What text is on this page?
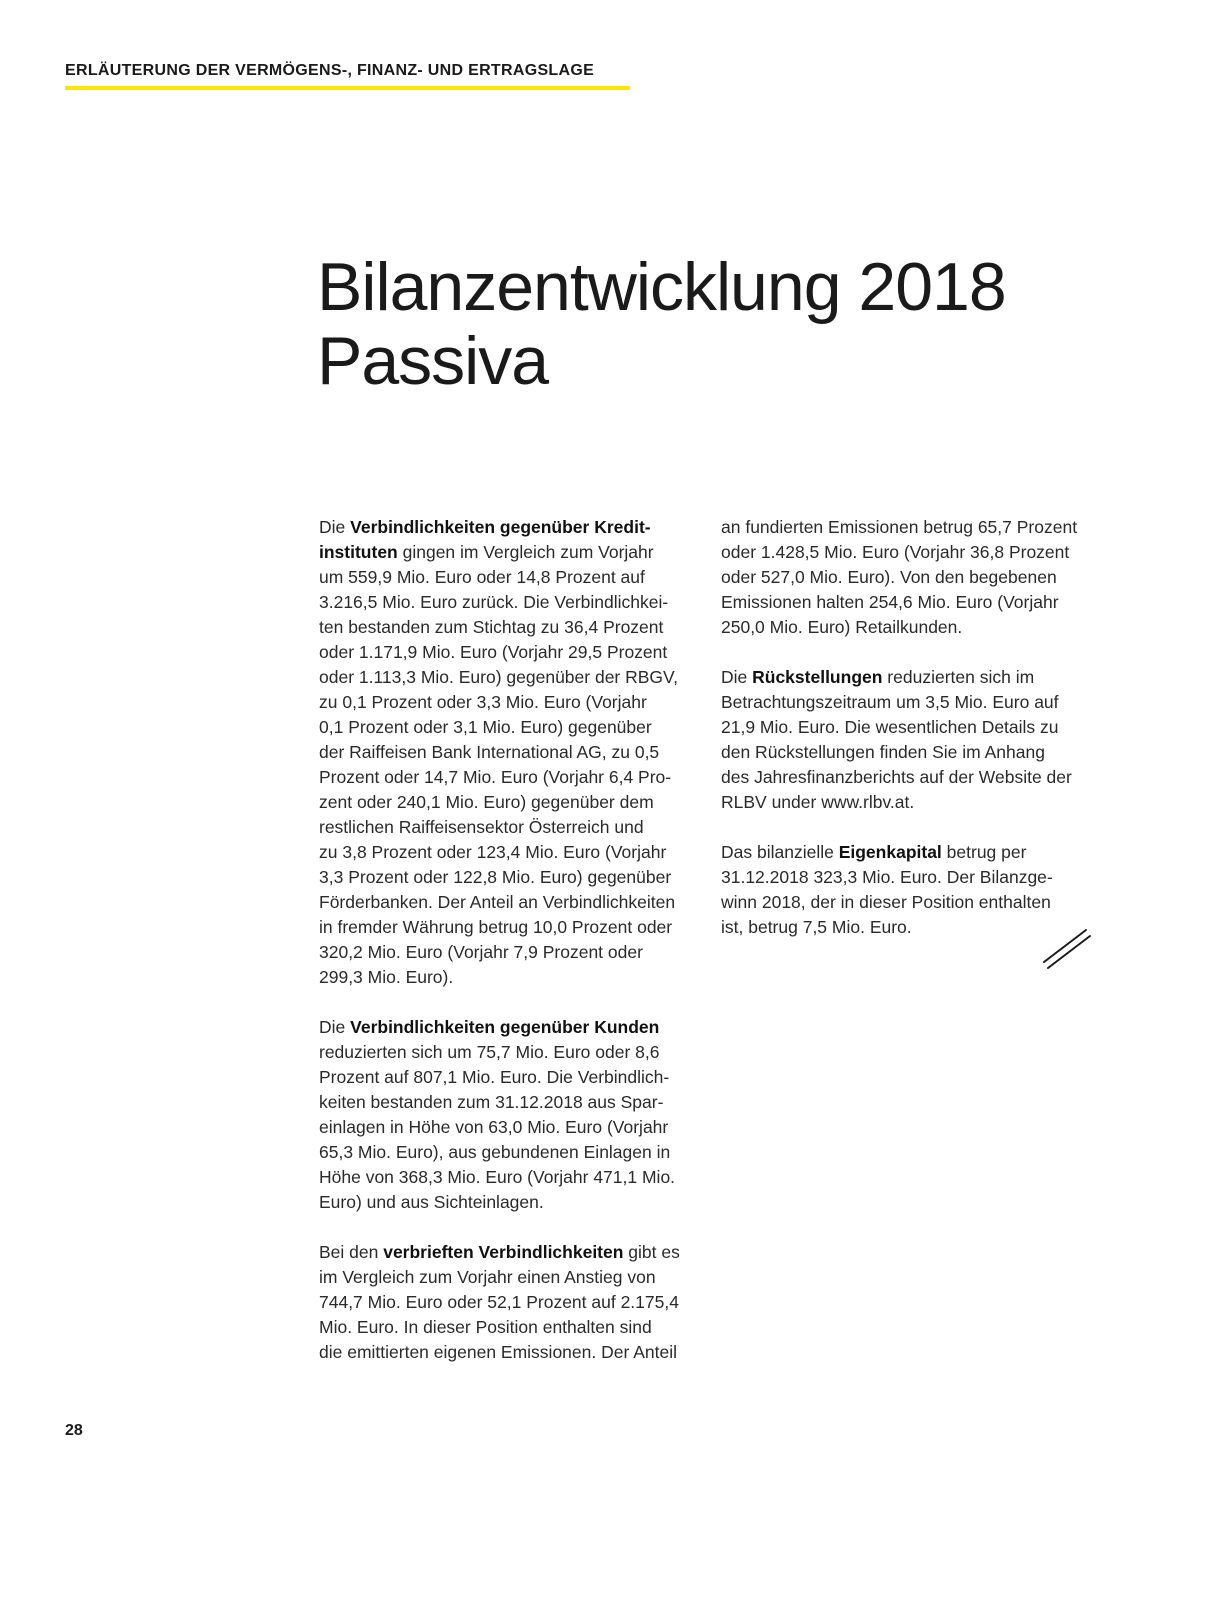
ERLÄUTERUNG DER VERMÖGENS-, FINANZ- UND ERTRAGSLAGE
Bilanzentwicklung 2018
Passiva

Die Verbindlichkeiten gegenüber Kredit-
instituten gingen im Vergleich zum Vorjahr
um 559,9 Mio. Euro oder 14,8 Prozent auf
3.216,5 Mio. Euro zurück. Die Verbindlichkei-
ten bestanden zum Stichtag zu 36,4 Prozent
oder 1.171,9 Mio. Euro (Vorjahr 29,5 Prozent
oder 1.113,3 Mio. Euro) gegenüber der RBGV,
zu 0,1 Prozent oder 3,3 Mio. Euro (Vorjahr
0,1 Prozent oder 3,1 Mio. Euro) gegenüber
der Raiffeisen Bank International AG, zu 0,5
Prozent oder 14,7 Mio. Euro (Vorjahr 6,4 Pro-
zent oder 240,1 Mio. Euro) gegenüber dem
restlichen Raiffeisensektor Österreich und
zu 3,8 Prozent oder 123,4 Mio. Euro (Vorjahr
3,3 Prozent oder 122,8 Mio. Euro) gegenüber
Förderbanken. Der Anteil an Verbindlichkeiten
in fremder Währung betrug 10,0 Prozent oder
320,2 Mio. Euro (Vorjahr 7,9 Prozent oder
299,3 Mio. Euro).

Die Verbindlichkeiten gegenüber Kunden
reduzierten sich um 75,7 Mio. Euro oder 8,6
Prozent auf 807,1 Mio. Euro. Die Verbindlich-
keiten bestanden zum 31.12.2018 aus Spar-
einlagen in Höhe von 63,0 Mio. Euro (Vorjahr
65,3 Mio. Euro), aus gebundenen Einlagen in
Höhe von 368,3 Mio. Euro (Vorjahr 471,1 Mio.
Euro) und aus Sichteinlagen.

Bei den verbrieften Verbindlichkeiten gibt es
im Vergleich zum Vorjahr einen Anstieg von
744,7 Mio. Euro oder 52,1 Prozent auf 2.175,4
Mio. Euro. In dieser Position enthalten sind
die emittierten eigenen Emissionen. Der Anteil

an fundierten Emissionen betrug 65,7 Prozent
oder 1.428,5 Mio. Euro (Vorjahr 36,8 Prozent
oder 527,0 Mio. Euro). Von den begebenen
Emissionen halten 254,6 Mio. Euro (Vorjahr
250,0 Mio. Euro) Retailkunden.

Die Rückstellungen reduzierten sich im
Betrachtungszeitraum um 3,5 Mio. Euro auf
21,9 Mio. Euro. Die wesentlichen Details zu
den Rückstellungen finden Sie im Anhang
des Jahresfinanzberichts auf der Website der
RLBV under www.rlbv.at.

Das bilanzielle Eigenkapital betrug per
31.12.2018 323,3 Mio. Euro. Der Bilanzge-
winn 2018, der in dieser Position enthalten
ist, betrug 7,5 Mio. Euro.

28
